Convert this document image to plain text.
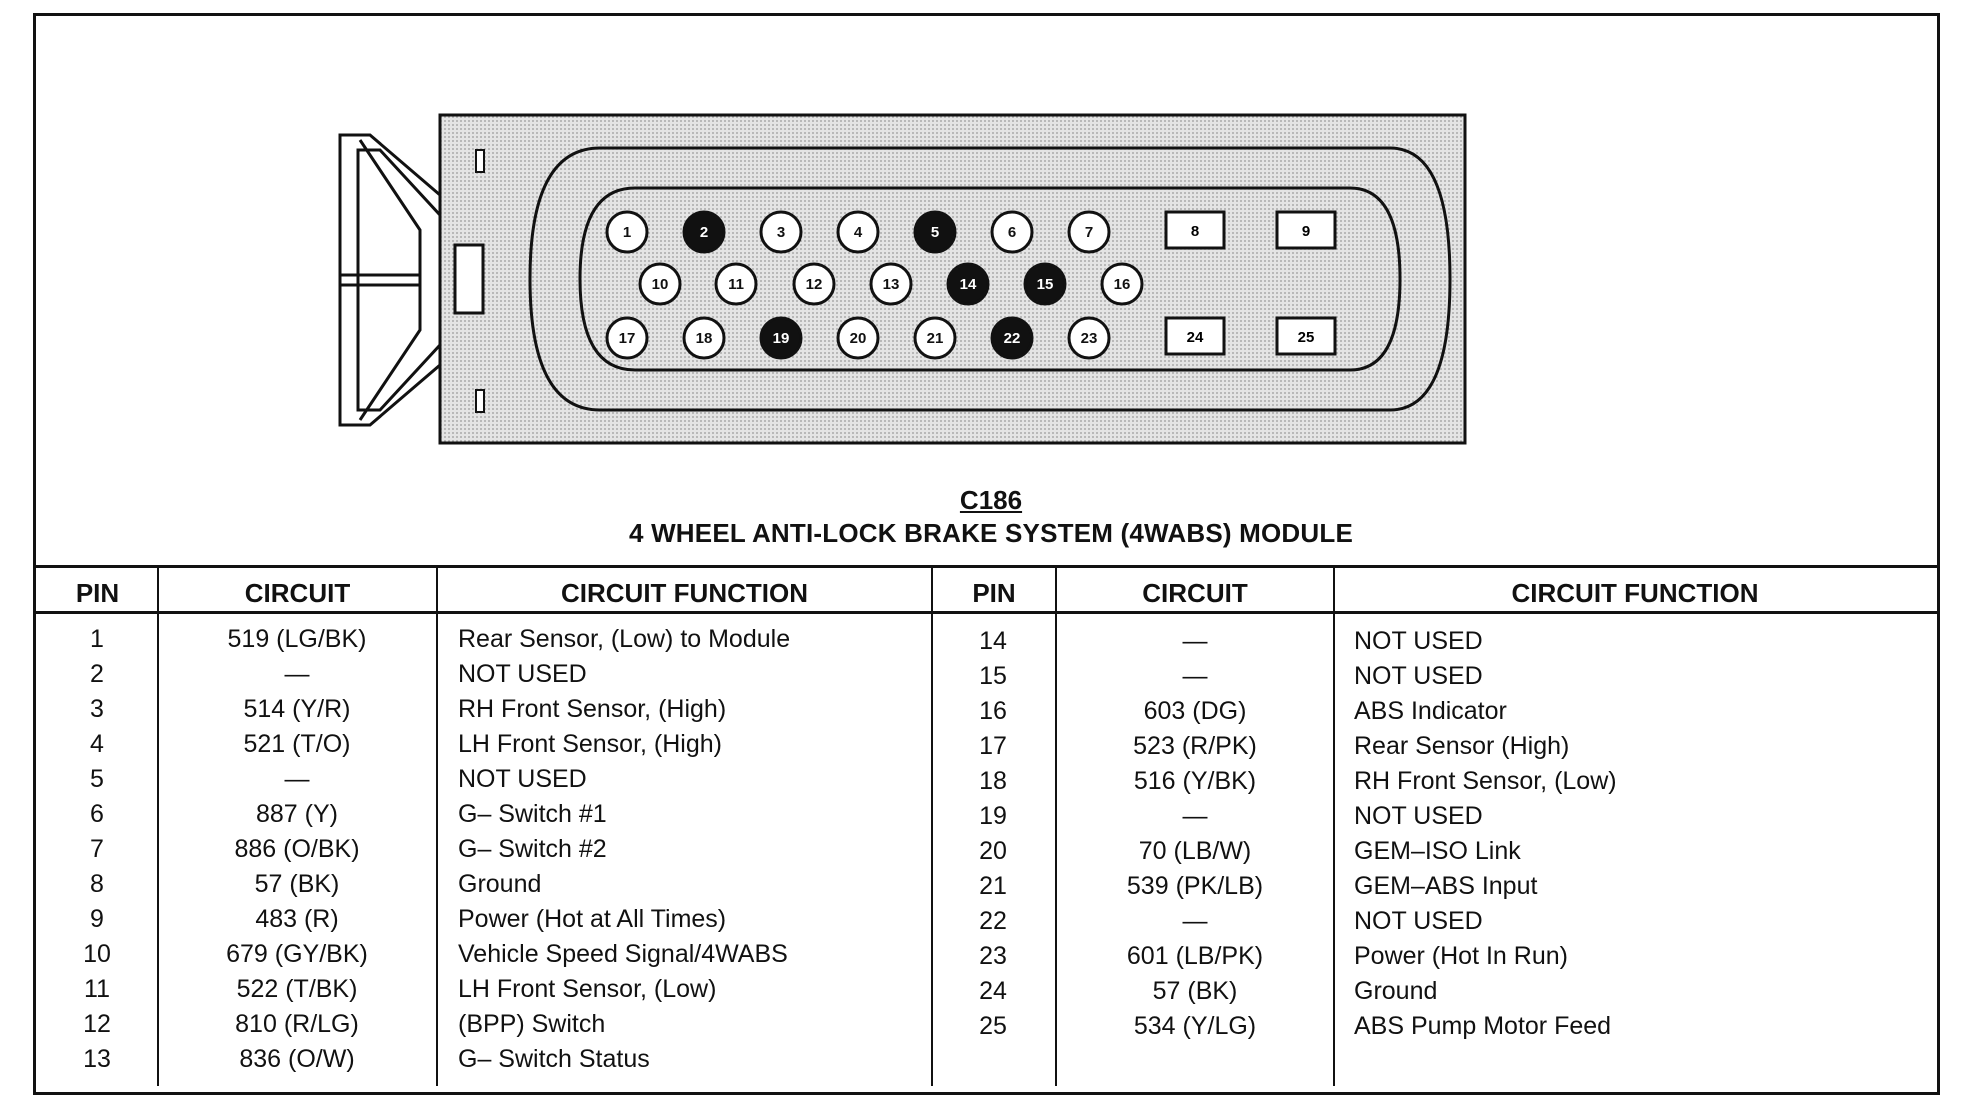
1	2	3	4	5	6	7
10	11	12	13	14	15	16
17	18	19	20	21	22	23
8	9
24	25
C186
4 WHEEL ANTI-LOCK BRAKE SYSTEM (4WABS) MODULE
PIN	CIRCUIT	CIRCUIT FUNCTION	PIN	CIRCUIT	CIRCUIT FUNCTION
1	519 (LG/BK)	Rear Sensor, (Low) to Module
2	—	NOT USED
3	514 (Y/R)	RH Front Sensor, (High)
4	521 (T/O)	LH Front Sensor, (High)
5	—	NOT USED
6	887 (Y)	G– Switch #1
7	886 (O/BK)	G– Switch #2
8	57 (BK)	Ground
9	483 (R)	Power (Hot at All Times)
10	679 (GY/BK)	Vehicle Speed Signal/4WABS
11	522 (T/BK)	LH Front Sensor, (Low)
12	810 (R/LG)	(BPP) Switch
13	836 (O/W)	G– Switch Status
14	—	NOT USED
15	—	NOT USED
16	603 (DG)	ABS Indicator
17	523 (R/PK)	Rear Sensor (High)
18	516 (Y/BK)	RH Front Sensor, (Low)
19	—	NOT USED
20	70 (LB/W)	GEM–ISO Link
21	539 (PK/LB)	GEM–ABS Input
22	—	NOT USED
23	601 (LB/PK)	Power (Hot In Run)
24	57 (BK)	Ground
25	534 (Y/LG)	ABS Pump Motor Feed
